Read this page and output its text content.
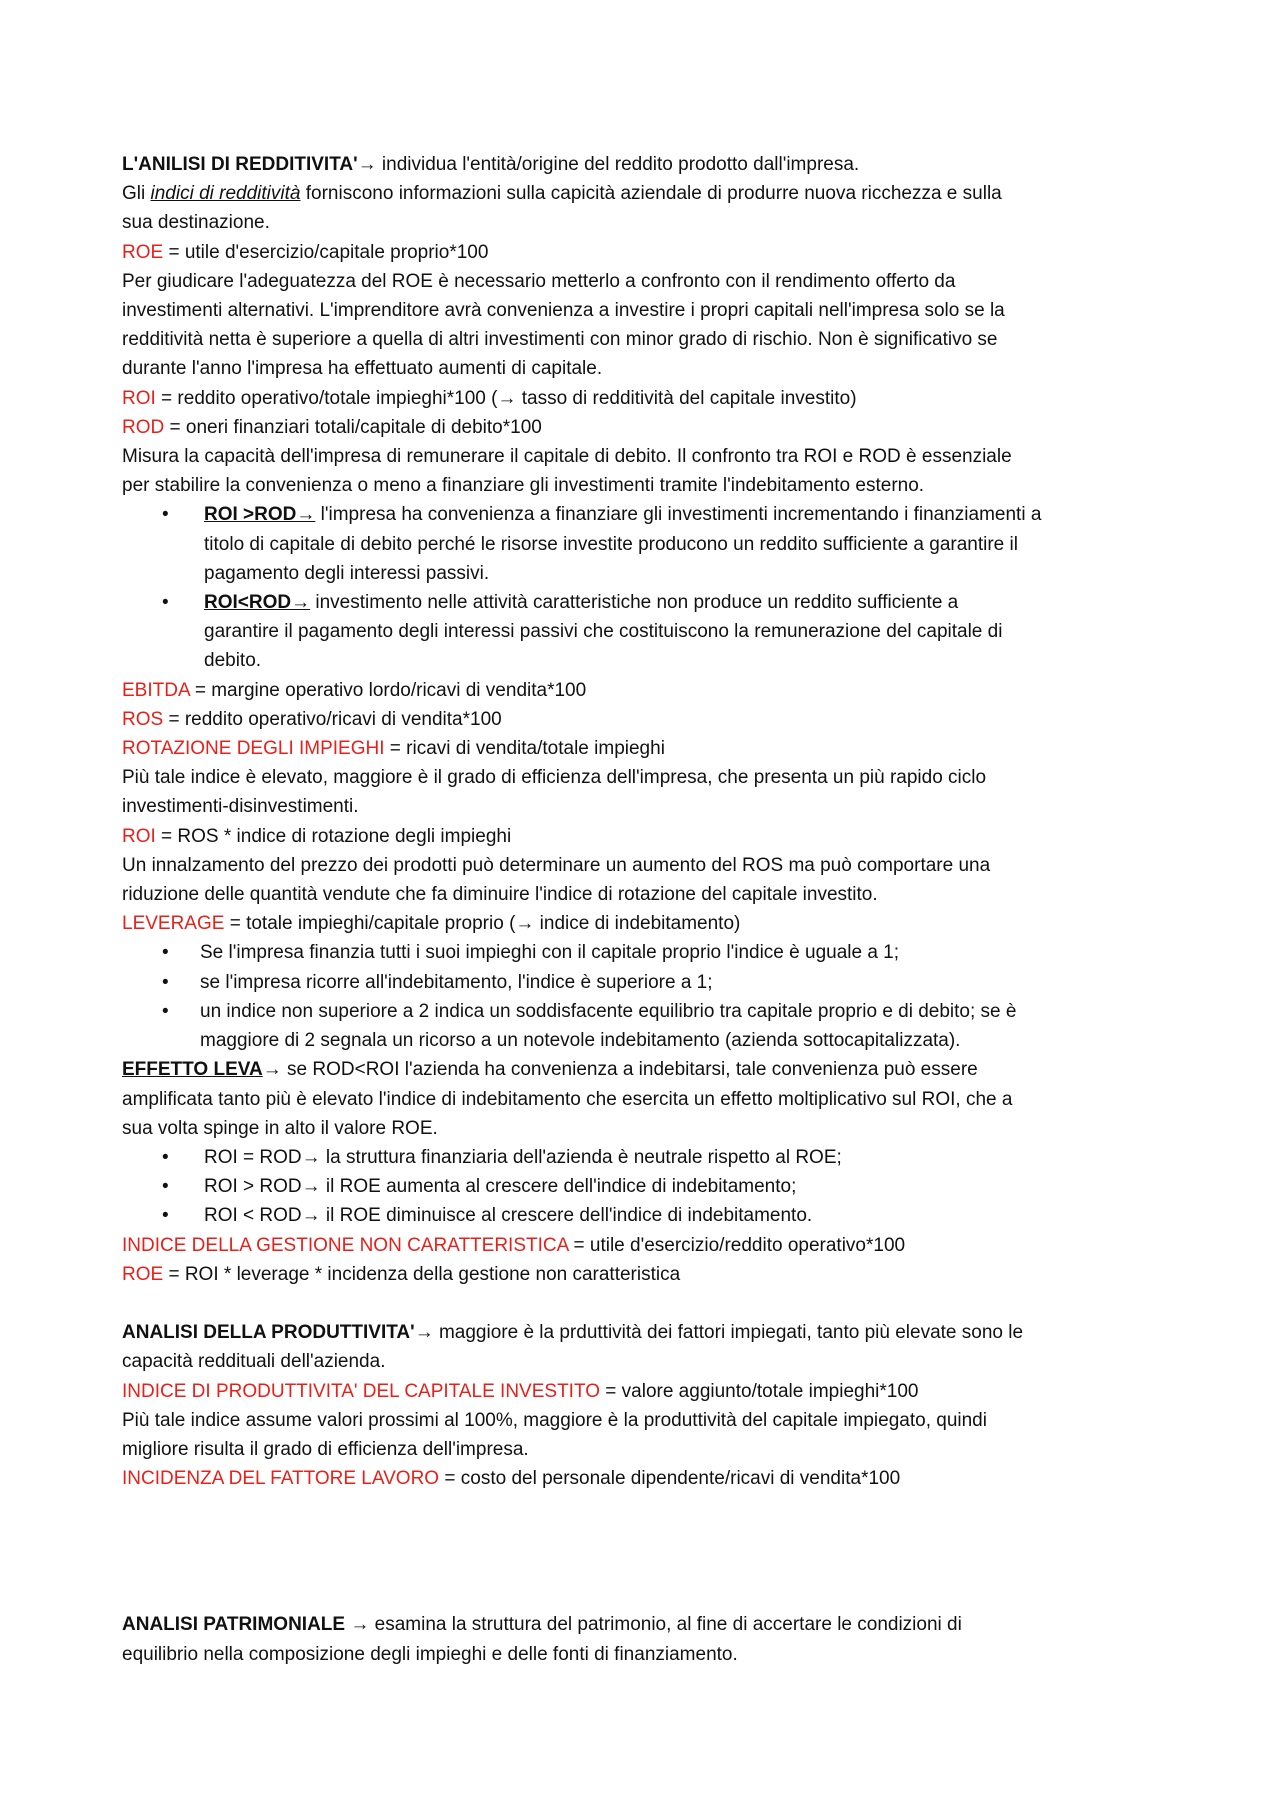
L'ANILISI DI REDDITIVITA'→ individua l'entità/origine del reddito prodotto dall'impresa.
Gli indici di redditività forniscono informazioni sulla capicità aziendale di produrre nuova ricchezza e sulla
sua destinazione.
ROE = utile d'esercizio/capitale proprio*100
Per giudicare l'adeguatezza del ROE è necessario metterlo a confronto con il rendimento offerto da
investimenti alternativi. L'imprenditore avrà convenienza a investire i propri capitali nell'impresa solo se la
redditività netta è superiore a quella di altri investimenti con minor grado di rischio. Non è significativo se
durante l'anno l'impresa ha effettuato aumenti di capitale.
ROI = reddito operativo/totale impieghi*100 (→ tasso di redditività del capitale investito)
ROD = oneri finanziari totali/capitale di debito*100
Misura la capacità dell'impresa di remunerare il capitale di debito. Il confronto tra ROI e ROD è essenziale
per stabilire la convenienza o meno a finanziare gli investimenti tramite l'indebitamento esterno.
•	ROI >ROD→ l'impresa ha convenienza a finanziare gli investimenti incrementando i finanziamenti a
titolo di capitale di debito perché le risorse investite producono un reddito sufficiente a garantire il
pagamento degli interessi passivi.
•	ROI<ROD→ investimento nelle attività caratteristiche non produce un reddito sufficiente a
garantire il pagamento degli interessi passivi che costituiscono la remunerazione del capitale di
debito.
EBITDA = margine operativo lordo/ricavi di vendita*100
ROS = reddito operativo/ricavi di vendita*100
ROTAZIONE DEGLI IMPIEGHI = ricavi di vendita/totale impieghi
Più tale indice è elevato, maggiore è il grado di efficienza dell'impresa, che presenta un più rapido ciclo
investimenti-disinvestimenti.
ROI = ROS * indice di rotazione degli impieghi
Un innalzamento del prezzo dei prodotti può determinare un aumento del ROS ma può comportare una
riduzione delle quantità vendute che fa diminuire l'indice di rotazione del capitale investito.
LEVERAGE = totale impieghi/capitale proprio (→ indice di indebitamento)
• Se l'impresa finanzia tutti i suoi impieghi con il capitale proprio l'indice è uguale a 1;
• se l'impresa ricorre all'indebitamento, l'indice è superiore a 1;
• un indice non superiore a 2 indica un soddisfacente equilibrio tra capitale proprio e di debito; se è
maggiore di 2 segnala un ricorso a un notevole indebitamento (azienda sottocapitalizzata).
EFFETTO LEVA→ se ROD<ROI l'azienda ha convenienza a indebitarsi, tale convenienza può essere
amplificata tanto più è elevato l'indice di indebitamento che esercita un effetto moltiplicativo sul ROI, che a
sua volta spinge in alto il valore ROE.
•	ROI = ROD→ la struttura finanziaria dell'azienda è neutrale rispetto al ROE;
•	ROI > ROD→ il ROE aumenta al crescere dell'indice di indebitamento;
•	ROI < ROD→ il ROE diminuisce al crescere dell'indice di indebitamento.
INDICE DELLA GESTIONE NON CARATTERISTICA = utile d'esercizio/reddito operativo*100
ROE = ROI * leverage * incidenza della gestione non caratteristica
ANALISI DELLA PRODUTTIVITA'→ maggiore è la prduttività dei fattori impiegati, tanto più elevate sono le
capacità reddituali dell'azienda.
INDICE DI PRODUTTIVITA' DEL CAPITALE INVESTITO = valore aggiunto/totale impieghi*100
Più tale indice assume valori prossimi al 100%, maggiore è la produttività del capitale impiegato, quindi
migliore risulta il grado di efficienza dell'impresa.
INCIDENZA DEL FATTORE LAVORO = costo del personale dipendente/ricavi di vendita*100
ANALISI PATRIMONIALE → esamina la struttura del patrimonio, al fine di accertare le condizioni di
equilibrio nella composizione degli impieghi e delle fonti di finanziamento.
